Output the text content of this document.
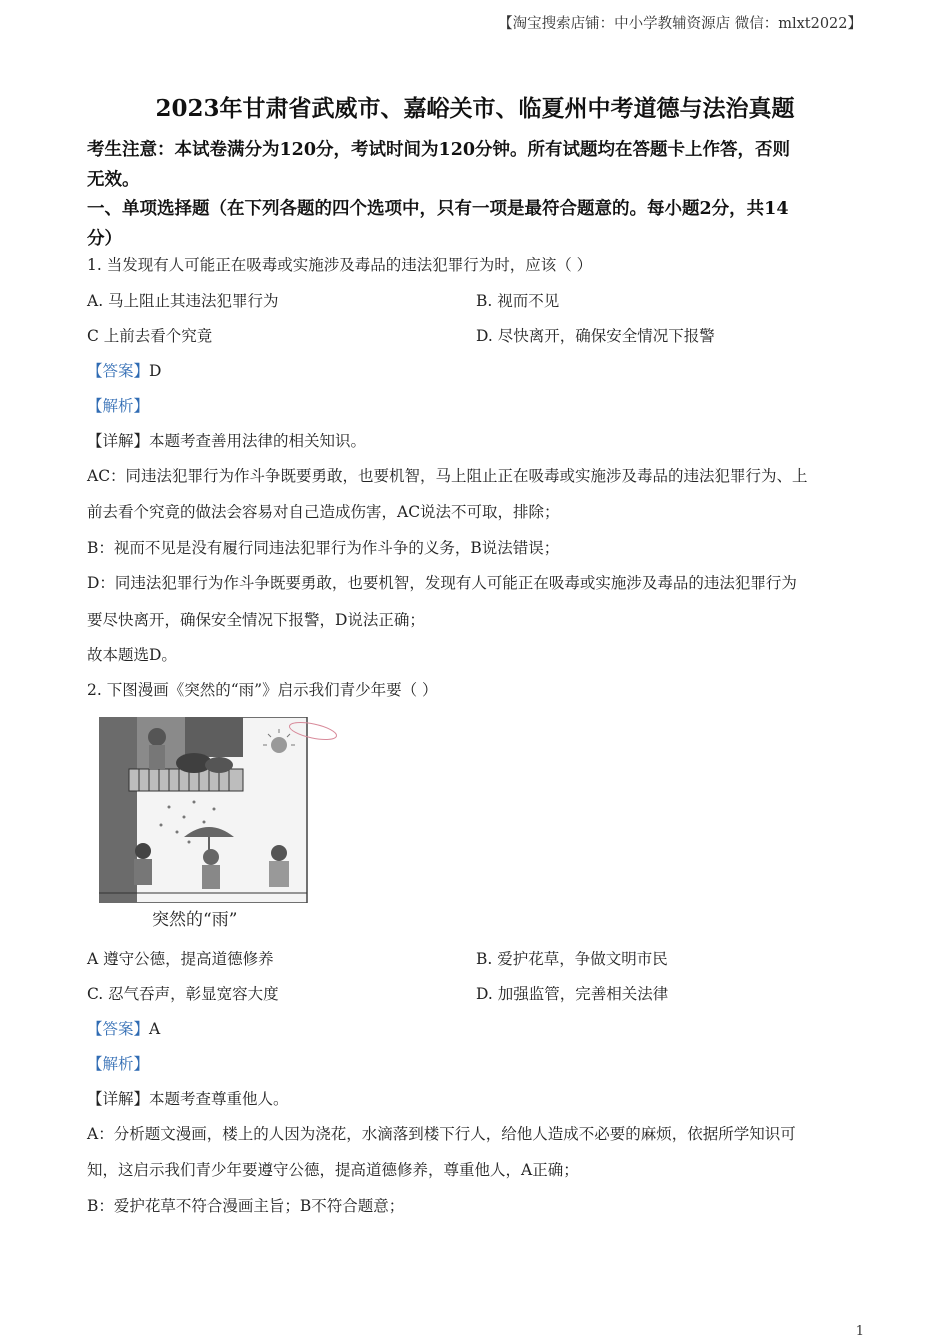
【淘宝搜索店铺：中小学教辅资源店 微信：mlxt2022】
2023年甘肃省武威市、嘉峪关市、临夏州中考道德与法治真题
考生注意：本试卷满分为120分，考试时间为120分钟。所有试题均在答题卡上作答，否则
无效。
一、单项选择题（在下列各题的四个选项中，只有一项是最符合题意的。每小题2分，共14
分）
1. 当发现有人可能正在吸毒或实施涉及毒品的违法犯罪行为时，应该（ ）
A. 马上阻止其违法犯罪行为	B. 视而不见
C 上前去看个究竟	D. 尽快离开，确保安全情况下报警
【答案】D
【解析】
【详解】本题考查善用法律的相关知识。
AC：同违法犯罪行为作斗争既要勇敢，也要机智，马上阻止正在吸毒或实施涉及毒品的违法犯罪行为、上
前去看个究竟的做法会容易对自己造成伤害，AC说法不可取，排除；
B：视而不见是没有履行同违法犯罪行为作斗争的义务，B说法错误；
D：同违法犯罪行为作斗争既要勇敢，也要机智，发现有人可能正在吸毒或实施涉及毒品的违法犯罪行为
要尽快离开，确保安全情况下报警，D说法正确；
故本题选D。
2. 下图漫画《突然的“雨”》启示我们青少年要（ ）
突然的“雨”
A 遵守公德，提高道德修养	B. 爱护花草，争做文明市民
C. 忍气吞声，彰显宽容大度	D. 加强监管，完善相关法律
【答案】A
【解析】
【详解】本题考查尊重他人。
A：分析题文漫画，楼上的人因为浇花，水滴落到楼下行人，给他人造成不必要的麻烦，依据所学知识可
知，这启示我们青少年要遵守公德，提高道德修养，尊重他人，A正确；
B：爱护花草不符合漫画主旨；B不符合题意；
1
